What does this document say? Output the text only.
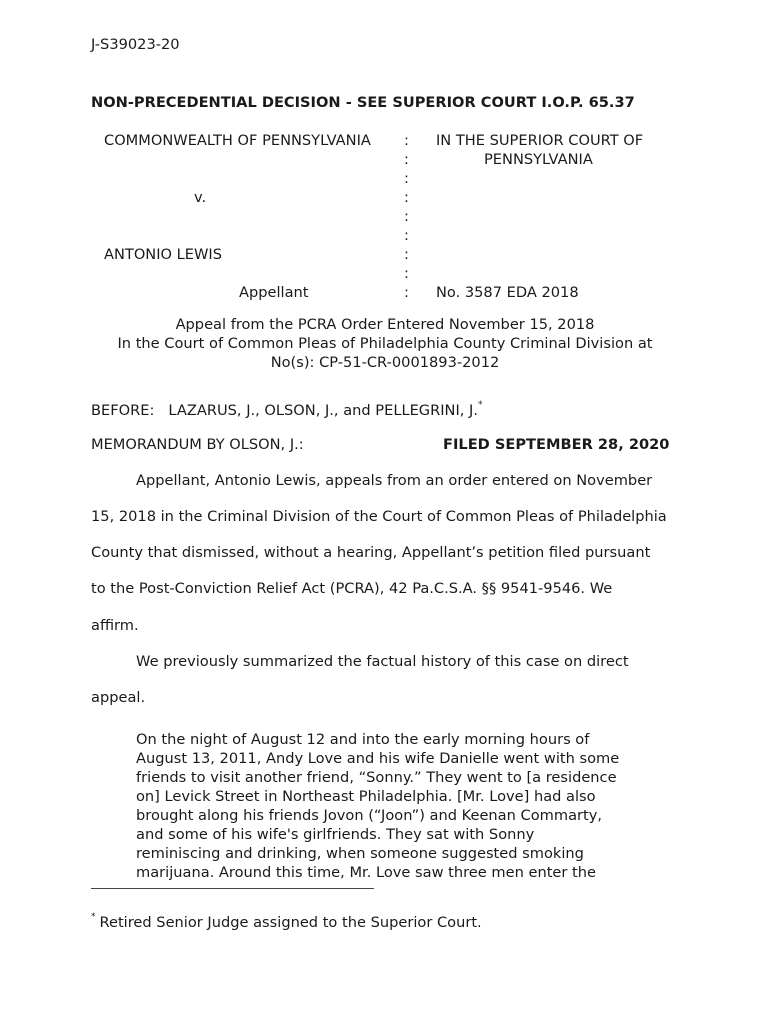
J-S39023-20
NON-PRECEDENTIAL DECISION - SEE SUPERIOR COURT I.O.P. 65.37
COMMONWEALTH OF PENNSYLVANIA
v.
ANTONIO LEWIS
Appellant
:
:
:
:
:
:
:
:
:
IN THE SUPERIOR COURT OF
PENNSYLVANIA
No. 3587 EDA 2018
Appeal from the PCRA Order Entered November 15, 2018
In the Court of Common Pleas of Philadelphia County Criminal Division at
No(s): CP-51-CR-0001893-2012
BEFORE: LAZARUS, J., OLSON, J., and PELLEGRINI, J.*
MEMORANDUM BY OLSON, J.:	FILED SEPTEMBER 28, 2020
Appellant, Antonio Lewis, appeals from an order entered on November
15, 2018 in the Criminal Division of the Court of Common Pleas of Philadelphia
County that dismissed, without a hearing, Appellant’s petition filed pursuant
to the Post-Conviction Relief Act (PCRA), 42 Pa.C.S.A. §§ 9541-9546. We
affirm.
We previously summarized the factual history of this case on direct
appeal.
On the night of August 12 and into the early morning hours of
August 13, 2011, Andy Love and his wife Danielle went with some
friends to visit another friend, “Sonny.” They went to [a residence
on] Levick Street in Northeast Philadelphia. [Mr. Love] had also
brought along his friends Jovon (“Joon”) and Keenan Commarty,
and some of his wife's girlfriends. They sat with Sonny
reminiscing and drinking, when someone suggested smoking
marijuana. Around this time, Mr. Love saw three men enter the
* Retired Senior Judge assigned to the Superior Court.
